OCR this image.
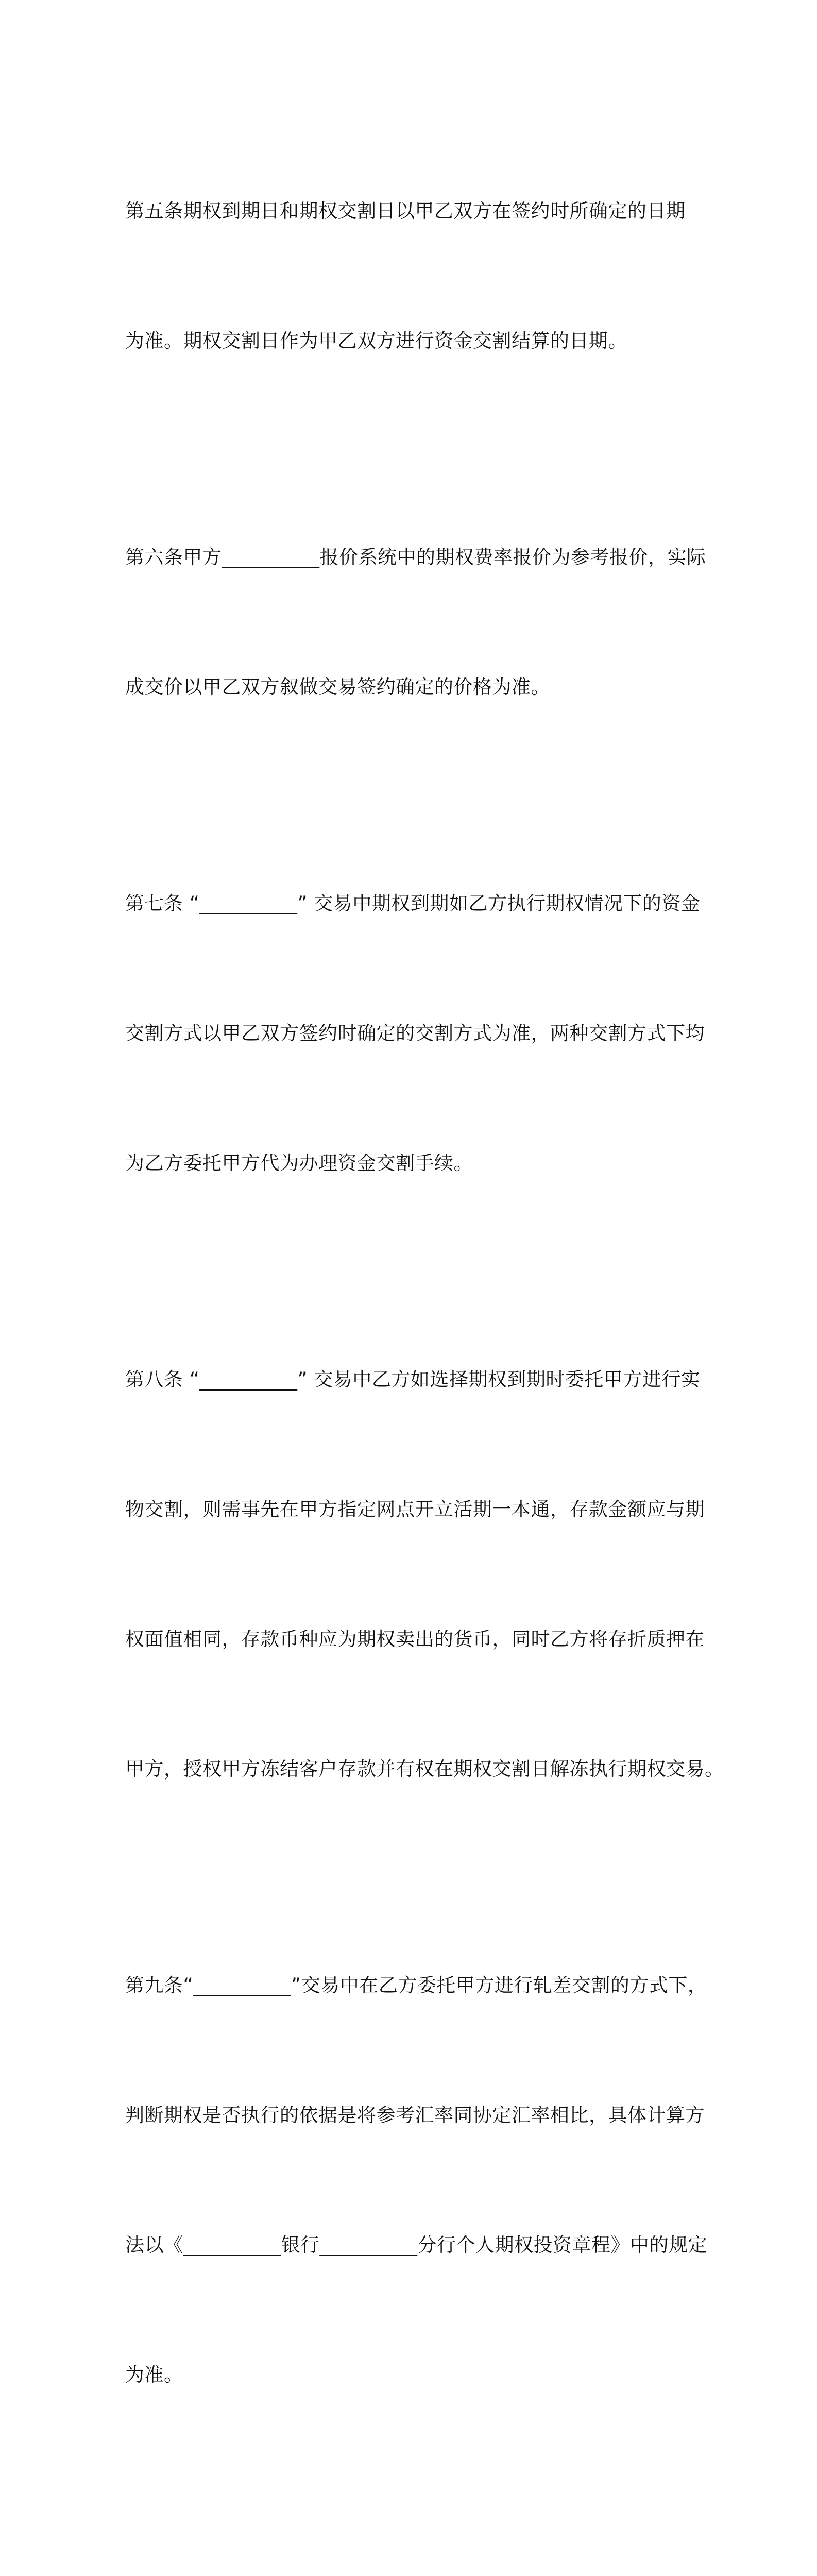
第五条期权到期日和期权交割日以甲乙双方在签约时所确定的日期

为准。期权交割日作为甲乙双方进行资金交割结算的日期。

第六条甲方__________报价系统中的期权费率报价为参考报价，实际

成交价以甲乙双方叙做交易签约确定的价格为准。

第七条 “__________” 交易中期权到期如乙方执行期权情况下的资金

交割方式以甲乙双方签约时确定的交割方式为准，两种交割方式下均

为乙方委托甲方代为办理资金交割手续。

第八条 “__________” 交易中乙方如选择期权到期时委托甲方进行实

物交割，则需事先在甲方指定网点开立活期一本通，存款金额应与期

权面值相同，存款币种应为期权卖出的货币，同时乙方将存折质押在

甲方，授权甲方冻结客户存款并有权在期权交割日解冻执行期权交易。

第九条“__________”交易中在乙方委托甲方进行轧差交割的方式下，

判断期权是否执行的依据是将参考汇率同协定汇率相比，具体计算方

法以《__________银行__________分行个人期权投资章程》中的规定

为准。
